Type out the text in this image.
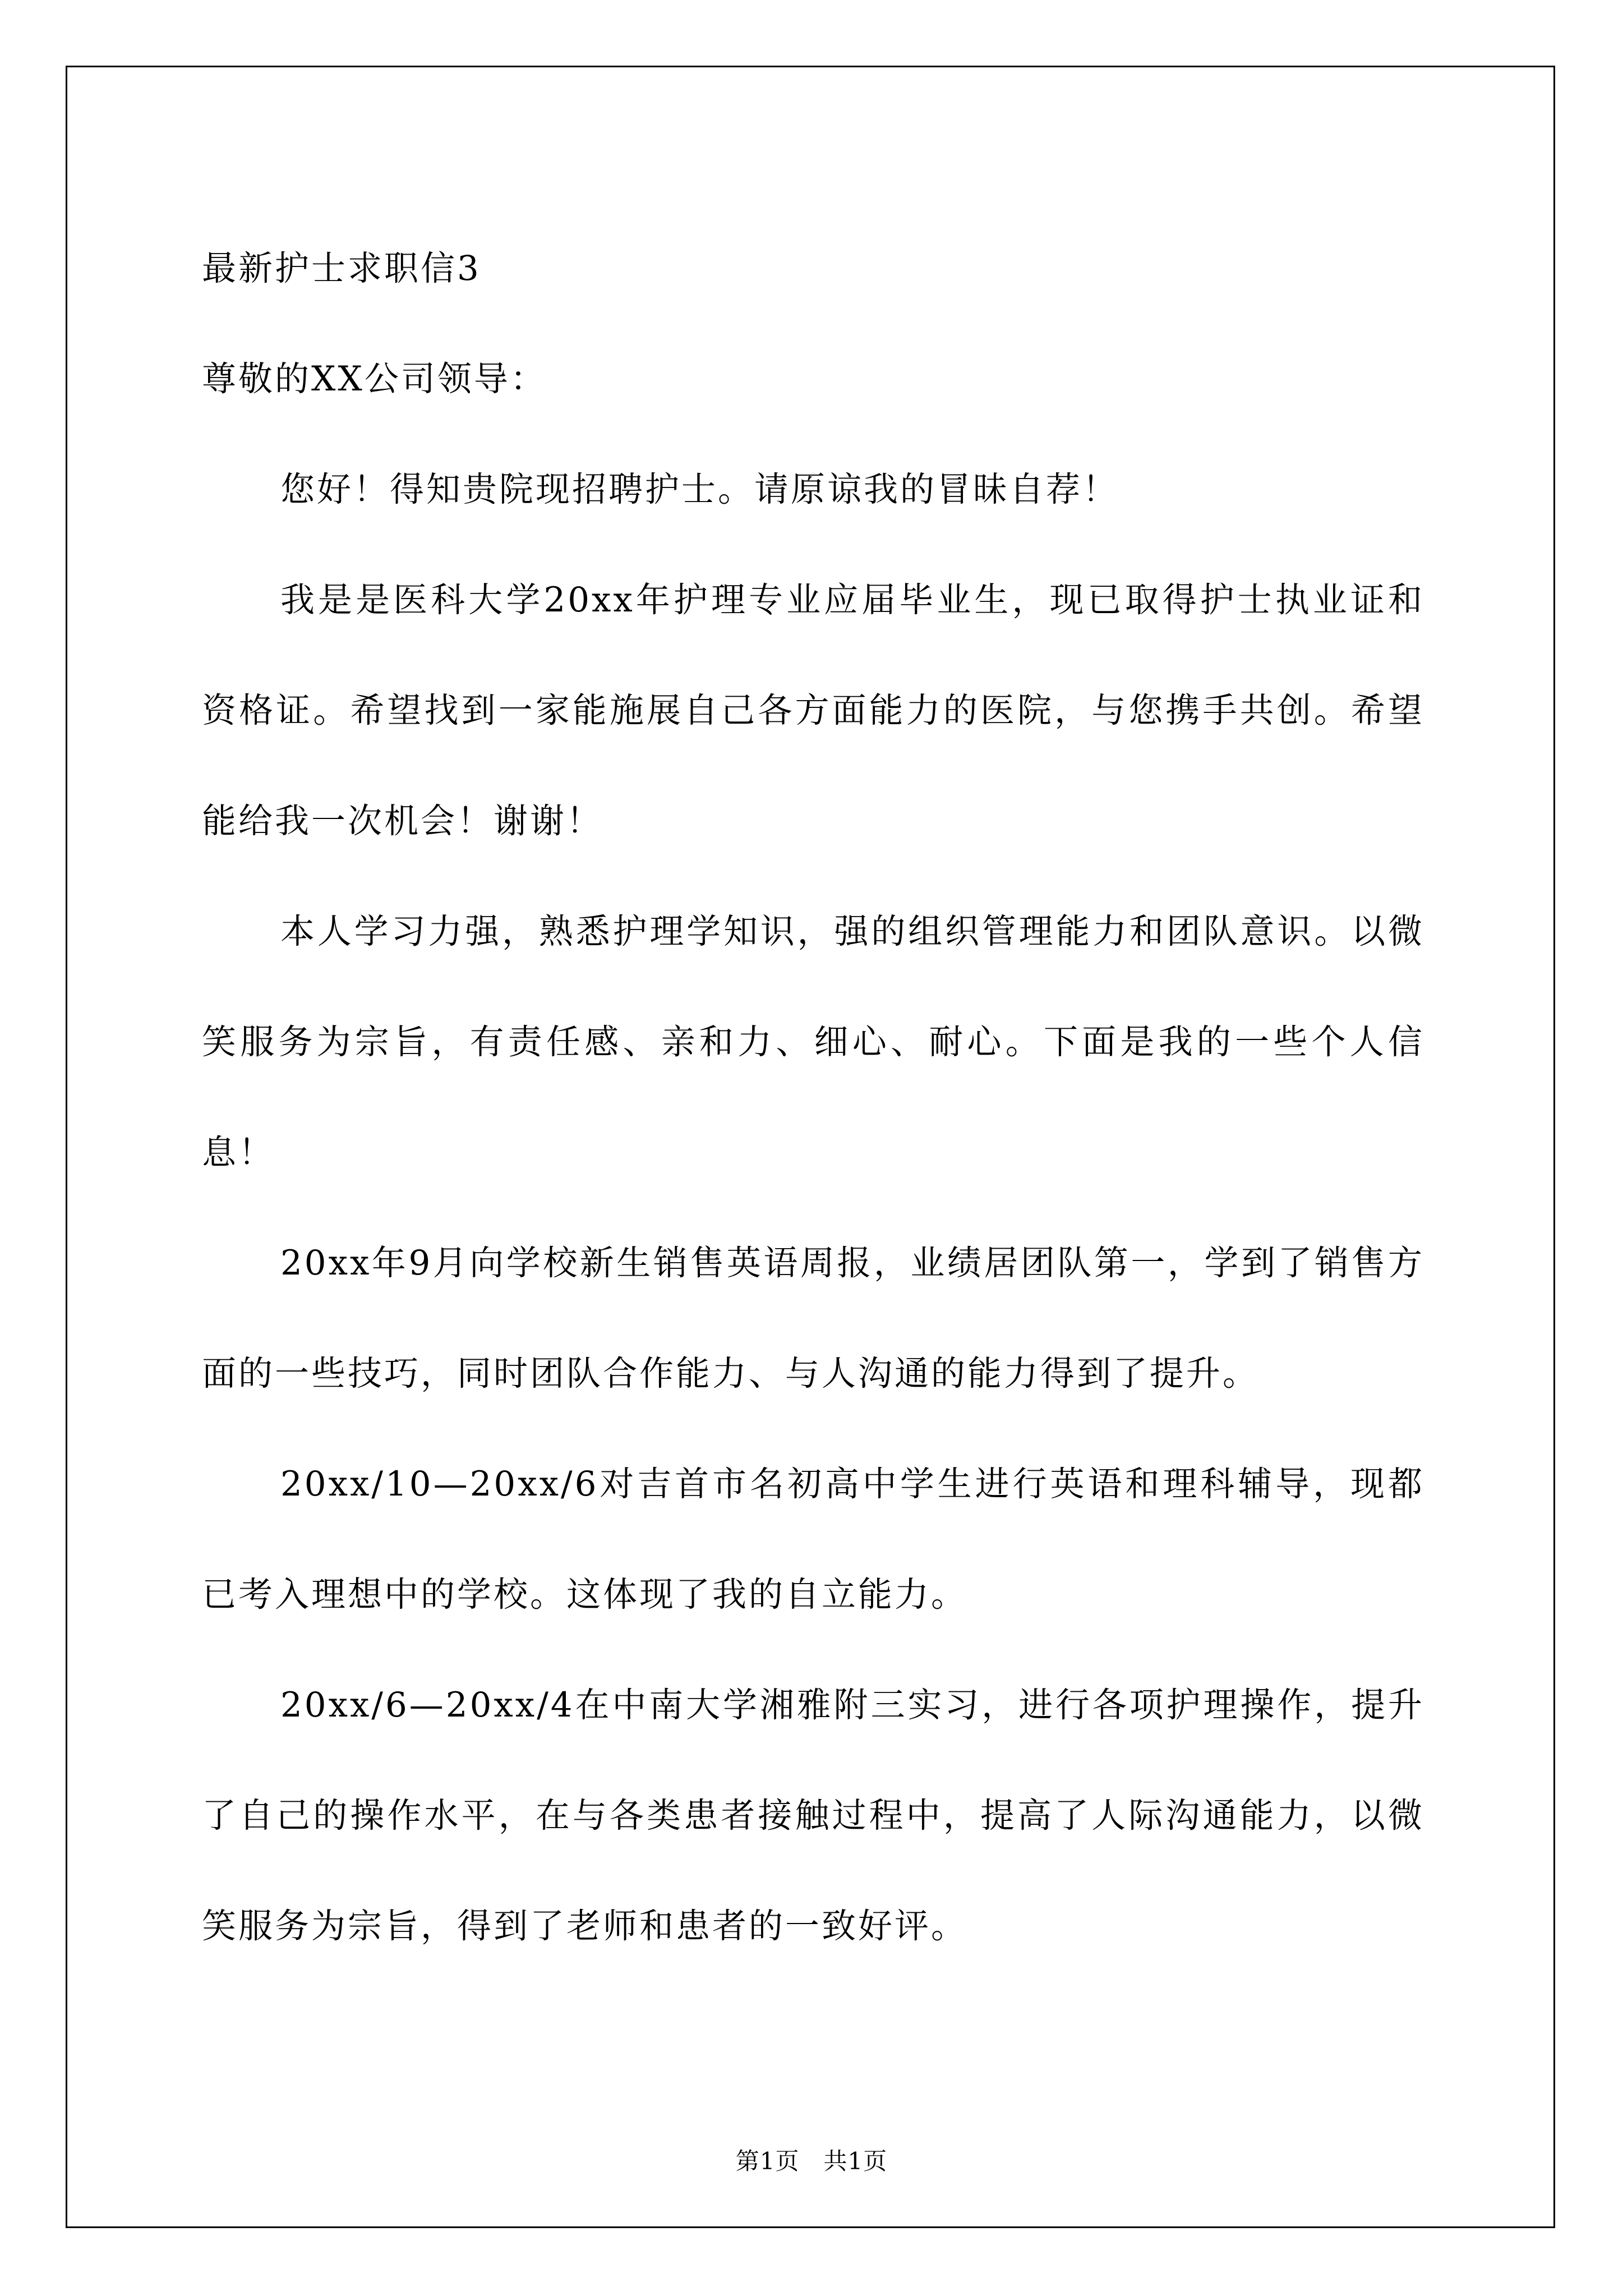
最新护士求职信3

尊敬的XX公司领导：

您好！得知贵院现招聘护士。请原谅我的冒昧自荐！

我是是医科大学20xx年护理专业应届毕业生，现已取得护士执业证和资格证。希望找到一家能施展自己各方面能力的医院，与您携手共创。希望能给我一次机会！谢谢！

本人学习力强，熟悉护理学知识，强的组织管理能力和团队意识。以微笑服务为宗旨，有责任感、亲和力、细心、耐心。下面是我的一些个人信息！

20xx年9月向学校新生销售英语周报，业绩居团队第一，学到了销售方面的一些技巧，同时团队合作能力、与人沟通的能力得到了提升。

20xx/10—20xx/6对吉首市名初高中学生进行英语和理科辅导，现都已考入理想中的学校。这体现了我的自立能力。

20xx/6—20xx/4在中南大学湘雅附三实习，进行各项护理操作，提升了自己的操作水平，在与各类患者接触过程中，提高了人际沟通能力，以微笑服务为宗旨，得到了老师和患者的一致好评。

第1页　共1页
